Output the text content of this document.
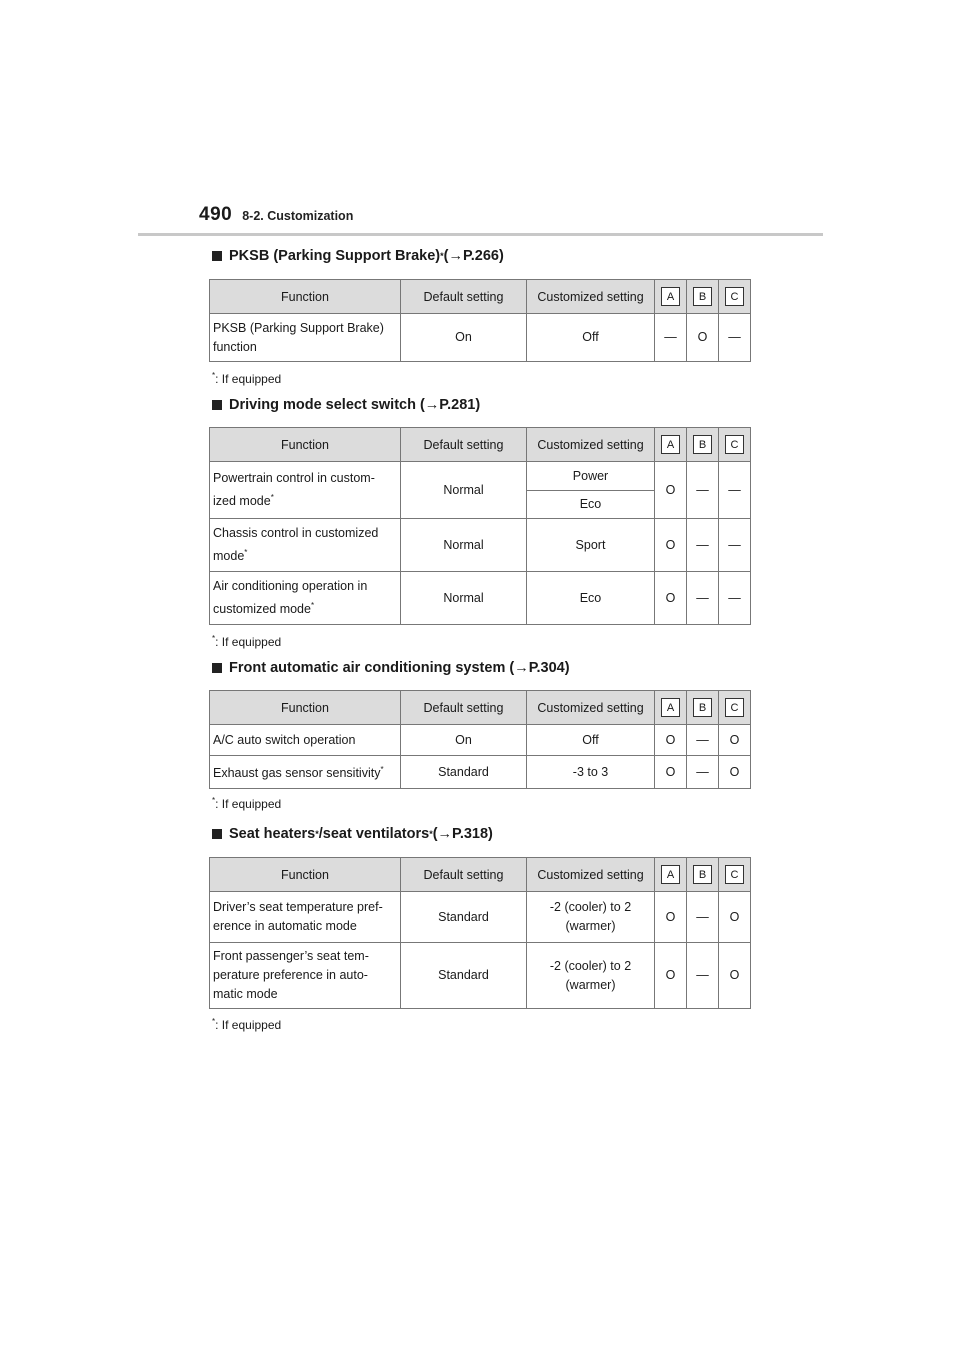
490 8-2. Customization
PKSB (Parking Support Brake) * (→P.266)
Function	Default setting	Customized setting	A	B	C
PKSB (Parking Support Brake) function	On	Off	—	O	—
*: If equipped
Driving mode select switch (→P.281)
Function	Default setting	Customized setting	A	B	C
Powertrain control in custom-ized mode*	Normal	Power	O	—	—
		Eco			
Chassis control in customized mode*	Normal	Sport	O	—	—
Air conditioning operation in customized mode*	Normal	Eco	O	—	—
*: If equipped
Front automatic air conditioning system (→P.304)
Function	Default setting	Customized setting	A	B	C
A/C auto switch operation	On	Off	O	—	O
Exhaust gas sensor sensitivity*	Standard	-3 to 3	O	—	O
*: If equipped
Seat heaters * /seat ventilators * (→P.318)
Function	Default setting	Customized setting	A	B	C
Driver’s seat temperature pref-erence in automatic mode	Standard	-2 (cooler) to 2 (warmer)	O	—	O
Front passenger’s seat tem-perature preference in auto-matic mode	Standard	-2 (cooler) to 2 (warmer)	O	—	O
*: If equipped
